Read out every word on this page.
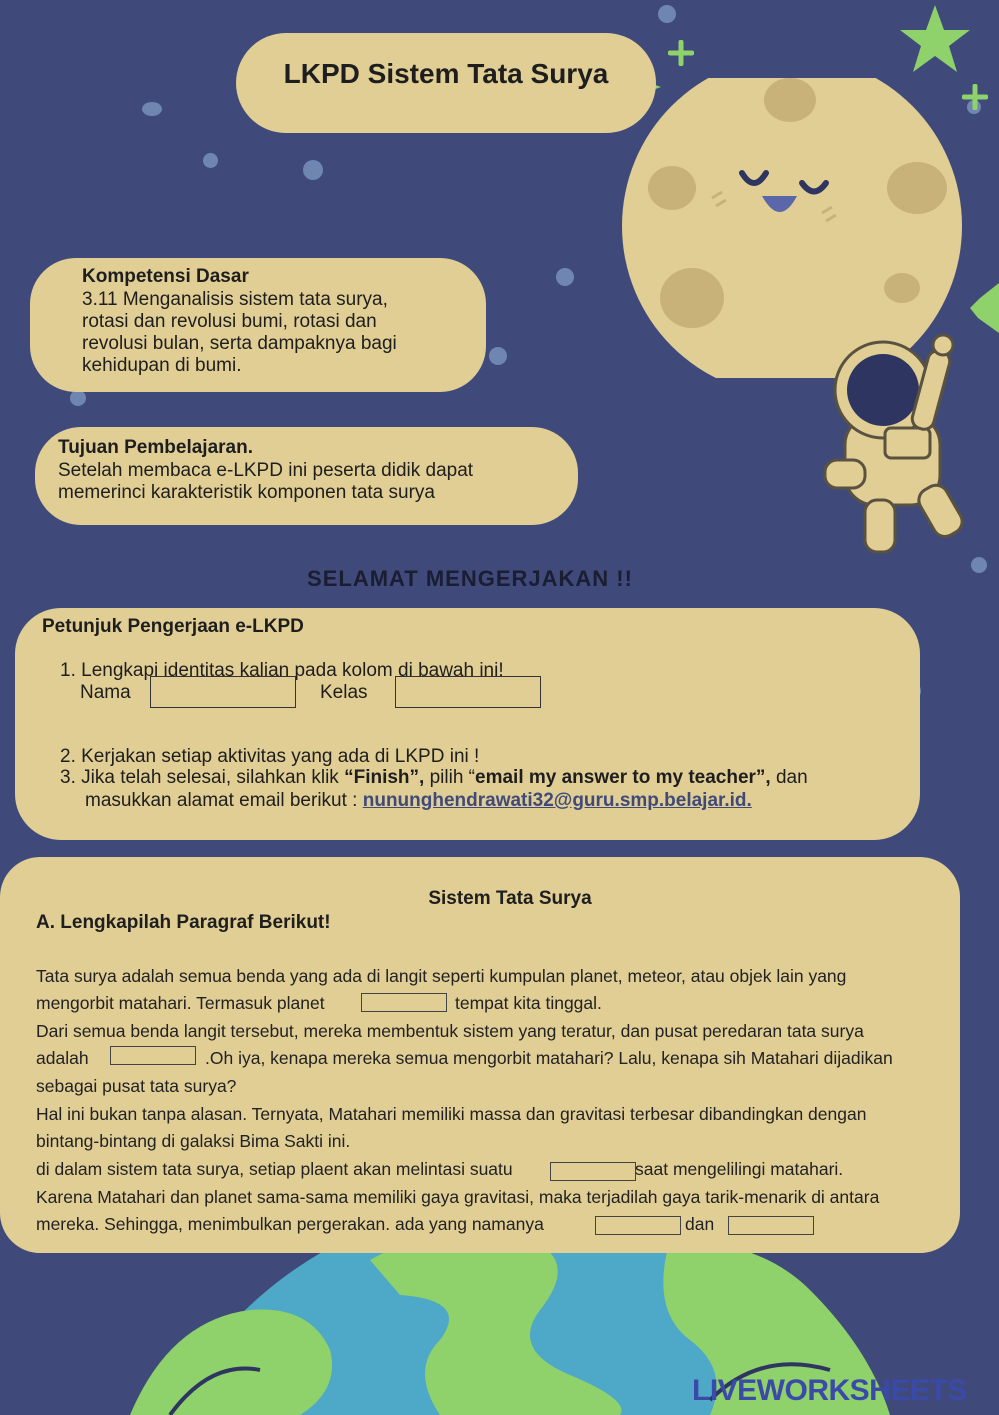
LKPD Sistem Tata Surya
Kompetensi Dasar
3.11 Menganalisis sistem tata surya,
rotasi dan revolusi bumi, rotasi dan
revolusi bulan, serta dampaknya bagi
kehidupan di bumi.
Tujuan Pembelajaran.
Setelah membaca e-LKPD ini peserta didik dapat
memerinci karakteristik komponen tata surya
SELAMAT MENGERJAKAN !!
Petunjuk Pengerjaan e-LKPD
1. Lengkapi identitas kalian pada kolom di bawah ini!
Nama	Kelas
2. Kerjakan setiap aktivitas yang ada di LKPD ini !
3. Jika telah selesai, silahkan klik “Finish”, pilih “email my answer to my teacher”, dan
masukkan alamat email berikut : nununghendrawati32@guru.smp.belajar.id.
Sistem Tata Surya
A. Lengkapilah Paragraf Berikut!
Tata surya adalah semua benda yang ada di langit seperti kumpulan planet, meteor, atau objek lain yang
mengorbit matahari. Termasuk planet	tempat kita tinggal.
Dari semua benda langit tersebut, mereka membentuk sistem yang teratur, dan pusat peredaran tata surya
adalah	.Oh iya, kenapa mereka semua mengorbit matahari? Lalu, kenapa sih Matahari dijadikan
sebagai pusat tata surya?
Hal ini bukan tanpa alasan. Ternyata, Matahari memiliki massa dan gravitasi terbesar dibandingkan dengan
bintang-bintang di galaksi Bima Sakti ini.
di dalam sistem tata surya, setiap plaent akan melintasi suatu	saat mengelilingi matahari.
Karena Matahari dan planet sama-sama memiliki gaya gravitasi, maka terjadilah gaya tarik-menarik di antara
mereka. Sehingga, menimbulkan pergerakan. ada yang namanya	dan
LIVEWORKSHEETS
